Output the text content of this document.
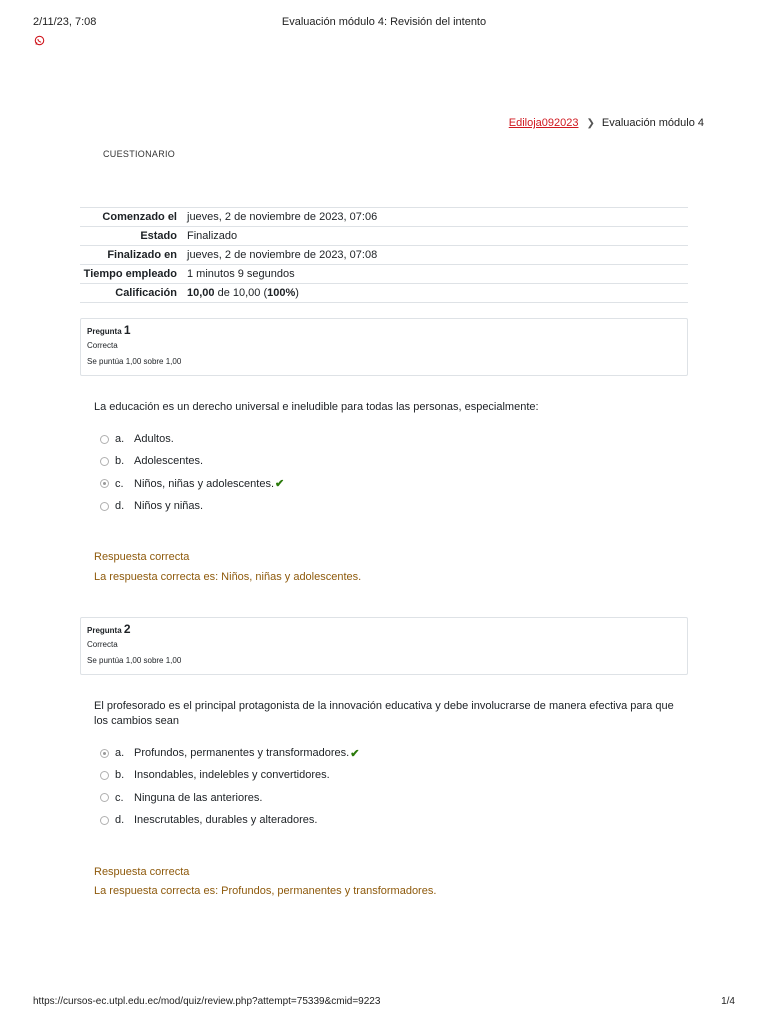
2/11/23, 7:08	Evaluación módulo 4: Revisión del intento
Ediloja092023 ❯ Evaluación módulo 4
CUESTIONARIO
Comenzado el	jueves, 2 de noviembre de 2023, 07:06
Estado	Finalizado
Finalizado en	jueves, 2 de noviembre de 2023, 07:08
Tiempo empleado	1 minutos 9 segundos
Calificación	10,00 de 10,00 (100%)
Pregunta 1
Correcta
Se puntúa 1,00 sobre 1,00
La educación es un derecho universal e ineludible para todas las personas, especialmente:
a. Adultos.
b. Adolescentes.
c. Niños, niñas y adolescentes. ✔
d. Niños y niñas.
Respuesta correcta
La respuesta correcta es: Niños, niñas y adolescentes.
Pregunta 2
Correcta
Se puntúa 1,00 sobre 1,00
El profesorado es el principal protagonista de la innovación educativa y debe involucrarse de manera efectiva para que los cambios sean
a. Profundos, permanentes y transformadores. ✔
b. Insondables, indelebles y convertidores.
c. Ninguna de las anteriores.
d. Inescrutables, durables y alteradores.
Respuesta correcta
La respuesta correcta es: Profundos, permanentes y transformadores.
https://cursos-ec.utpl.edu.ec/mod/quiz/review.php?attempt=75339&cmid=9223	1/4
